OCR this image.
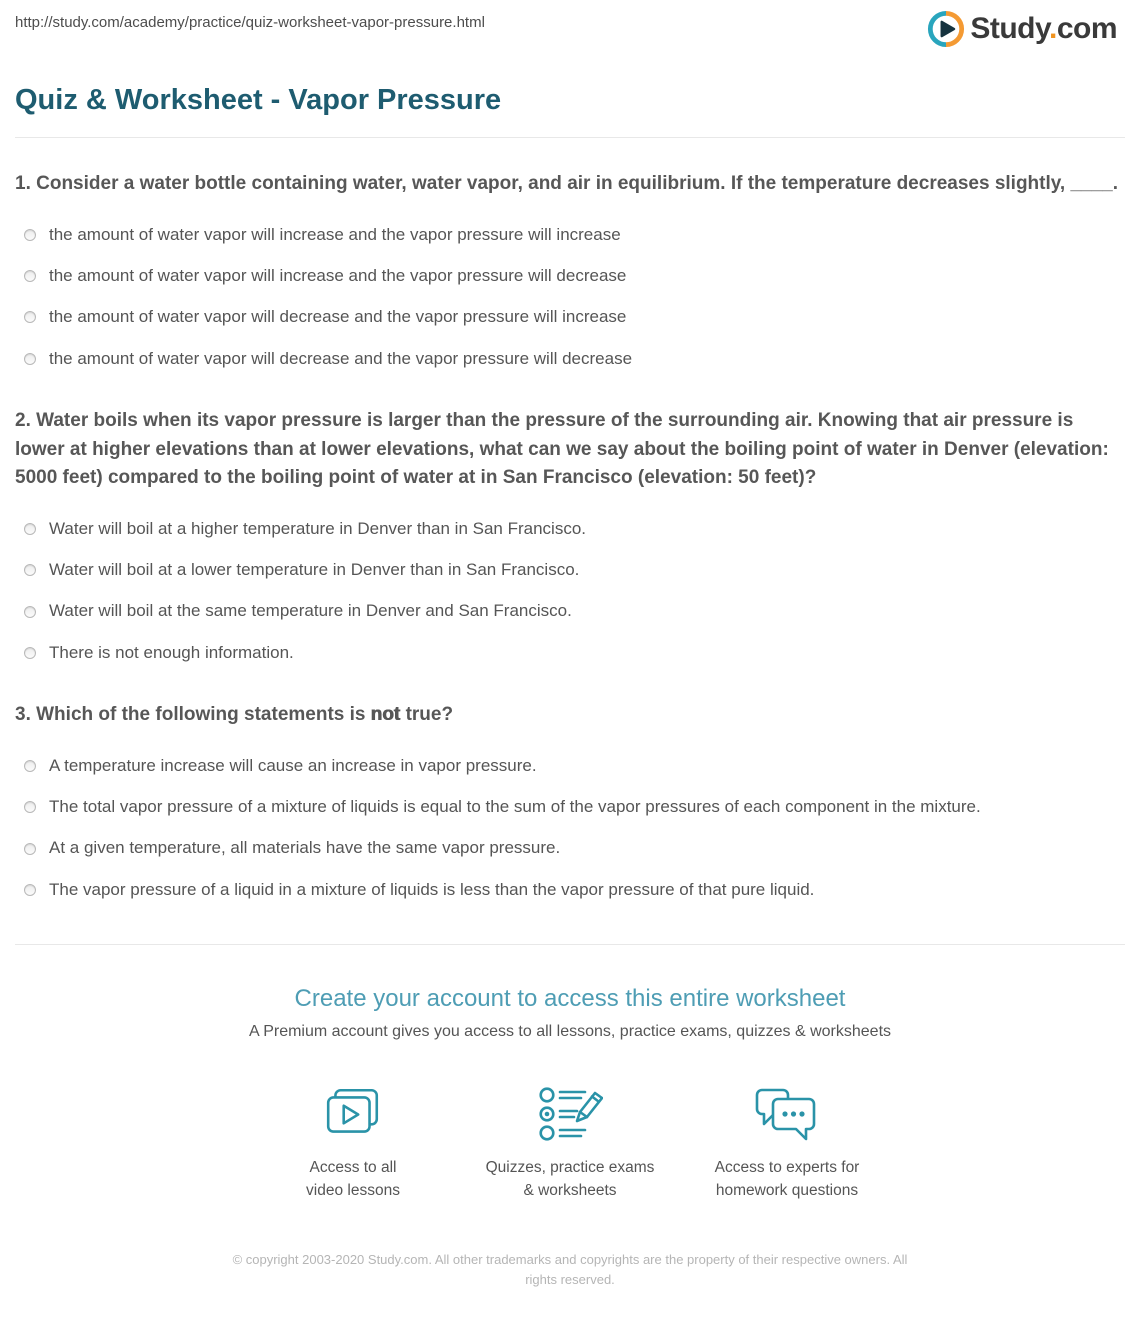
http://study.com/academy/practice/quiz-worksheet-vapor-pressure.html	Study.com
Quiz & Worksheet - Vapor Pressure

1. Consider a water bottle containing water, water vapor, and air in equilibrium. If the temperature decreases slightly, ____.

the amount of water vapor will increase and the vapor pressure will increase
the amount of water vapor will increase and the vapor pressure will decrease
the amount of water vapor will decrease and the vapor pressure will increase
the amount of water vapor will decrease and the vapor pressure will decrease

2. Water boils when its vapor pressure is larger than the pressure of the surrounding air. Knowing that air pressure is lower at higher elevations than at lower elevations, what can we say about the boiling point of water in Denver (elevation: 5000 feet) compared to the boiling point of water at in San Francisco (elevation: 50 feet)?

Water will boil at a higher temperature in Denver than in San Francisco.
Water will boil at a lower temperature in Denver than in San Francisco.
Water will boil at the same temperature in Denver and San Francisco.
There is not enough information.

3. Which of the following statements is not true?

A temperature increase will cause an increase in vapor pressure.
The total vapor pressure of a mixture of liquids is equal to the sum of the vapor pressures of each component in the mixture.
At a given temperature, all materials have the same vapor pressure.
The vapor pressure of a liquid in a mixture of liquids is less than the vapor pressure of that pure liquid.
Create your account to access this entire worksheet
A Premium account gives you access to all lessons, practice exams, quizzes & worksheets
Access to all
video lessons
Quizzes, practice exams
& worksheets
Access to experts for
homework questions
© copyright 2003-2020 Study.com. All other trademarks and copyrights are the property of their respective owners. All rights reserved.
